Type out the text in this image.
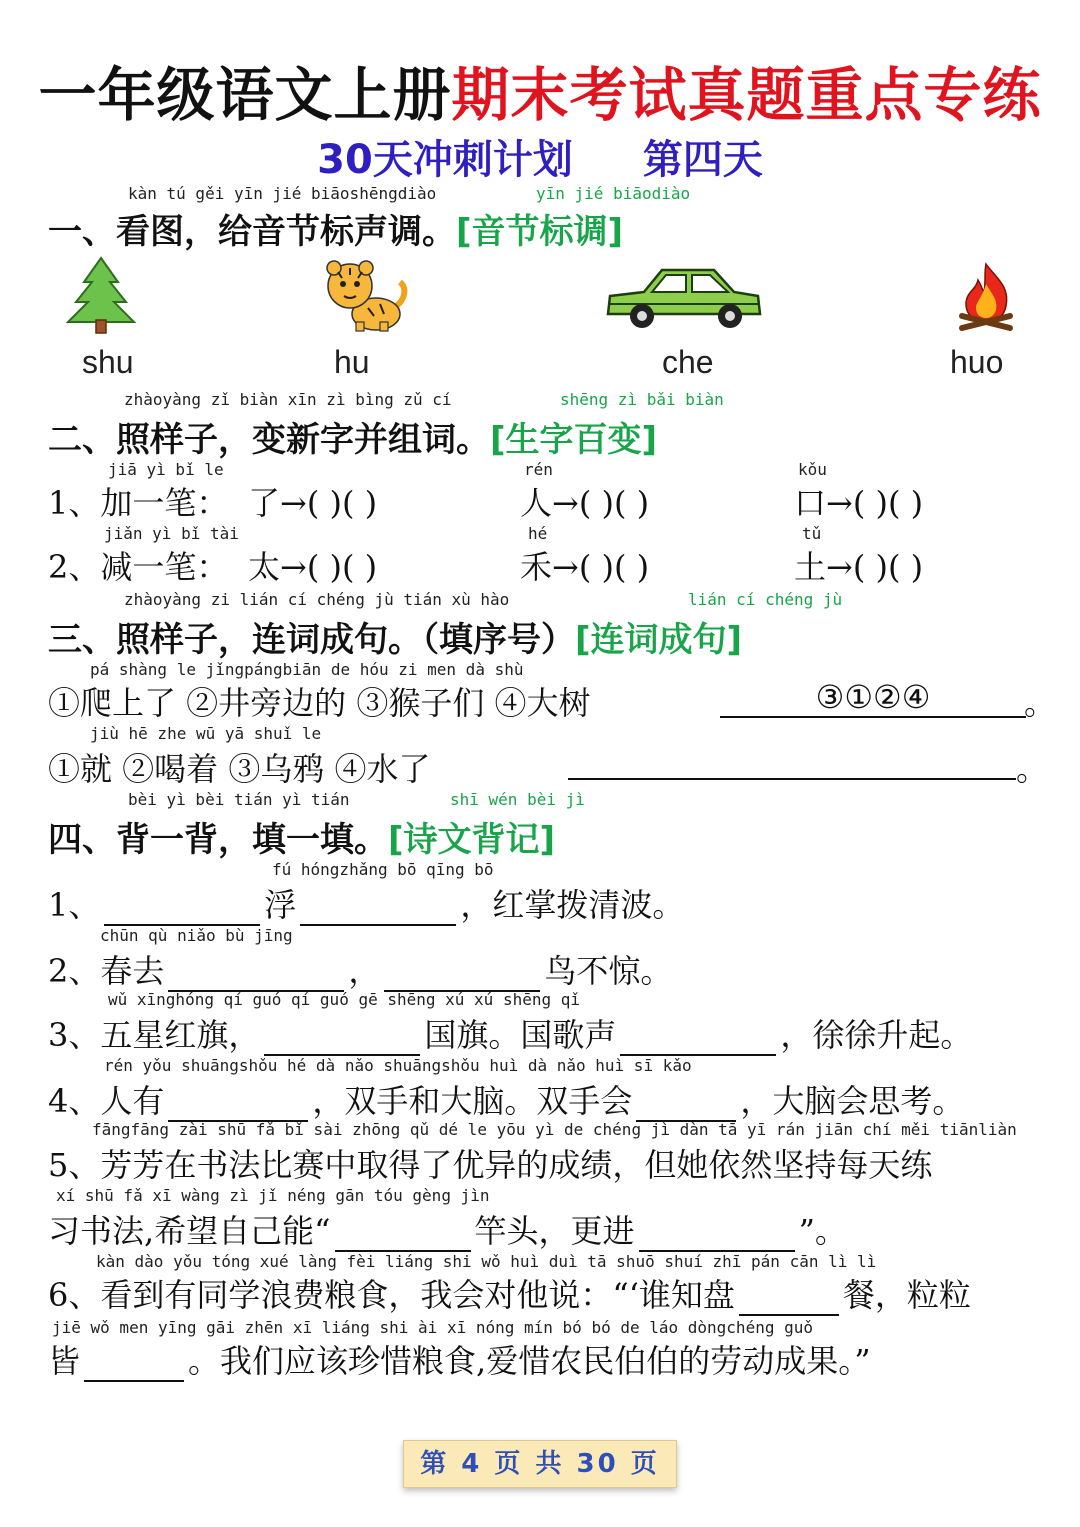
一年级语文上册期末考试真题重点专练
30天冲刺计划 第四天
kàn tú gěi yīn jié biāoshēngdiào	yīn jié biāodiào
一、看图，给音节标声调。[音节标调]
shu	hu	che	huo
zhàoyàng zǐ biàn xīn zì bìng zǔ cí	shēng zì bǎi biàn
二、照样子，变新字并组词。[生字百变]
jiā yì bǐ le	rén	kǒu
1、加一笔： 了→( )( )	人→( )( )	口→( )( )
jiǎn yì bǐ tài	hé	tǔ
2、减一笔： 太→( )( )	禾→( )( )	土→( )( )
zhàoyàng zi lián cí chéng jù tián xù hào	lián cí chéng jù
三、照样子，连词成句。（填序号）[连词成句]
pá shàng le jǐngpángbiān de hóu zi men dà shù
①爬上了 ②井旁边的 ③猴子们 ④大树	③①②④	。
jiù hē zhe wū yā shuǐ le
①就 ②喝着 ③乌鸦 ④水了	。
bèi yì bèi tián yì tián	shī wén bèi jì
四、背一背，填一填。[诗文背记]
fú hóngzhǎng bō qīng bō
1、	浮	，红掌拨清波。
chūn qù niǎo bù jīng
2、春去	，	鸟不惊。
wǔ xīnghóng qí guó qí guó gē shēng xú xú shēng qǐ
3、五星红旗，	国旗。国歌声	，徐徐升起。
rén yǒu shuāngshǒu hé dà nǎo shuāngshǒu huì dà nǎo huì sī kǎo
4、人有	，双手和大脑。双手会	，大脑会思考。
fāngfāng zài shū fǎ bǐ sài zhōng qǔ dé le yōu yì de chéng jì dàn tā yī rán jiān chí měi tiānliàn
5、芳芳在书法比赛中取得了优异的成绩，但她依然坚持每天练
xí shū fǎ xī wàng zì jǐ néng gān tóu gèng jìn
习书法,希望自己能“	竿头，更进	”。
kàn dào yǒu tóng xué làng fèi liáng shi wǒ huì duì tā shuō shuí zhī pán cān lì lì
6、看到有同学浪费粮食，我会对他说：“‘谁知盘	餐，粒粒
jiē wǒ men yīng gāi zhēn xī liáng shi ài xī nóng mín bó bó de láo dòngchéng guǒ
皆	。我们应该珍惜粮食,爱惜农民伯伯的劳动成果。”
第 4 页 共 30 页
